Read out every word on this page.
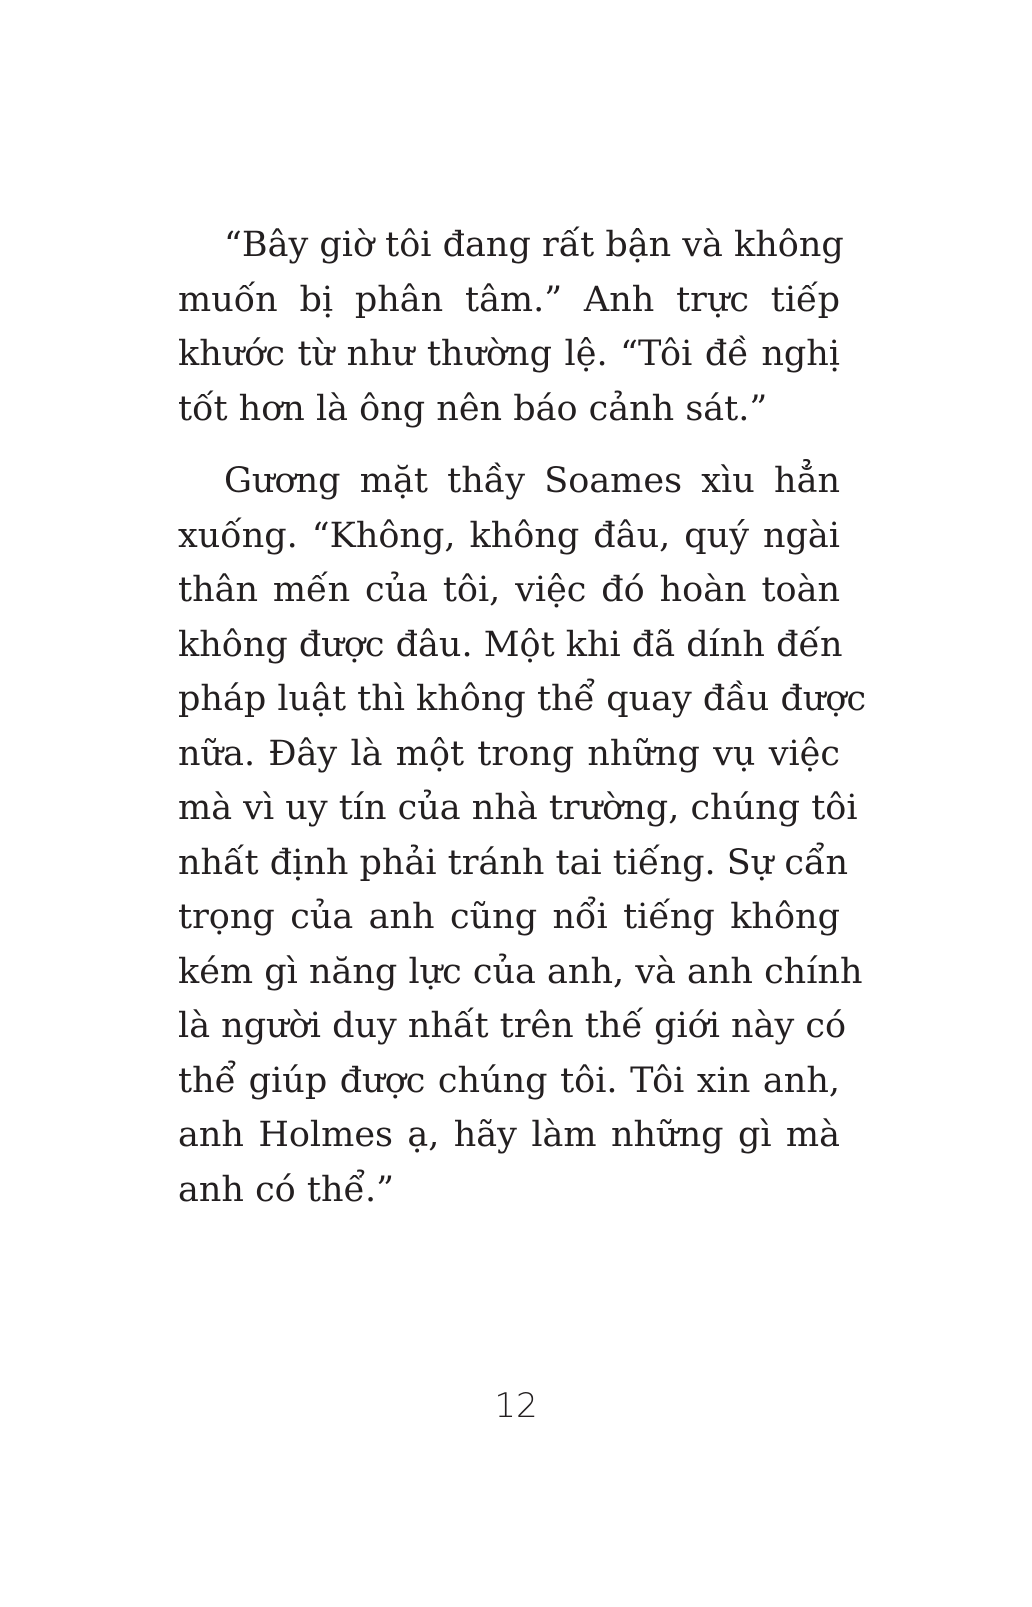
“Bây giờ tôi đang rất bận và không
muốn bị phân tâm.” Anh trực tiếp
khước từ như thường lệ. “Tôi đề nghị
tốt hơn là ông nên báo cảnh sát.”

Gương mặt thầy Soames xìu hẳn
xuống. “Không, không đâu, quý ngài
thân mến của tôi, việc đó hoàn toàn
không được đâu. Một khi đã dính đến
pháp luật thì không thể quay đầu được
nữa. Đây là một trong những vụ việc
mà vì uy tín của nhà trường, chúng tôi
nhất định phải tránh tai tiếng. Sự cẩn
trọng của anh cũng nổi tiếng không
kém gì năng lực của anh, và anh chính
là người duy nhất trên thế giới này có
thể giúp được chúng tôi. Tôi xin anh,
anh Holmes ạ, hãy làm những gì mà
anh có thể.”

12
